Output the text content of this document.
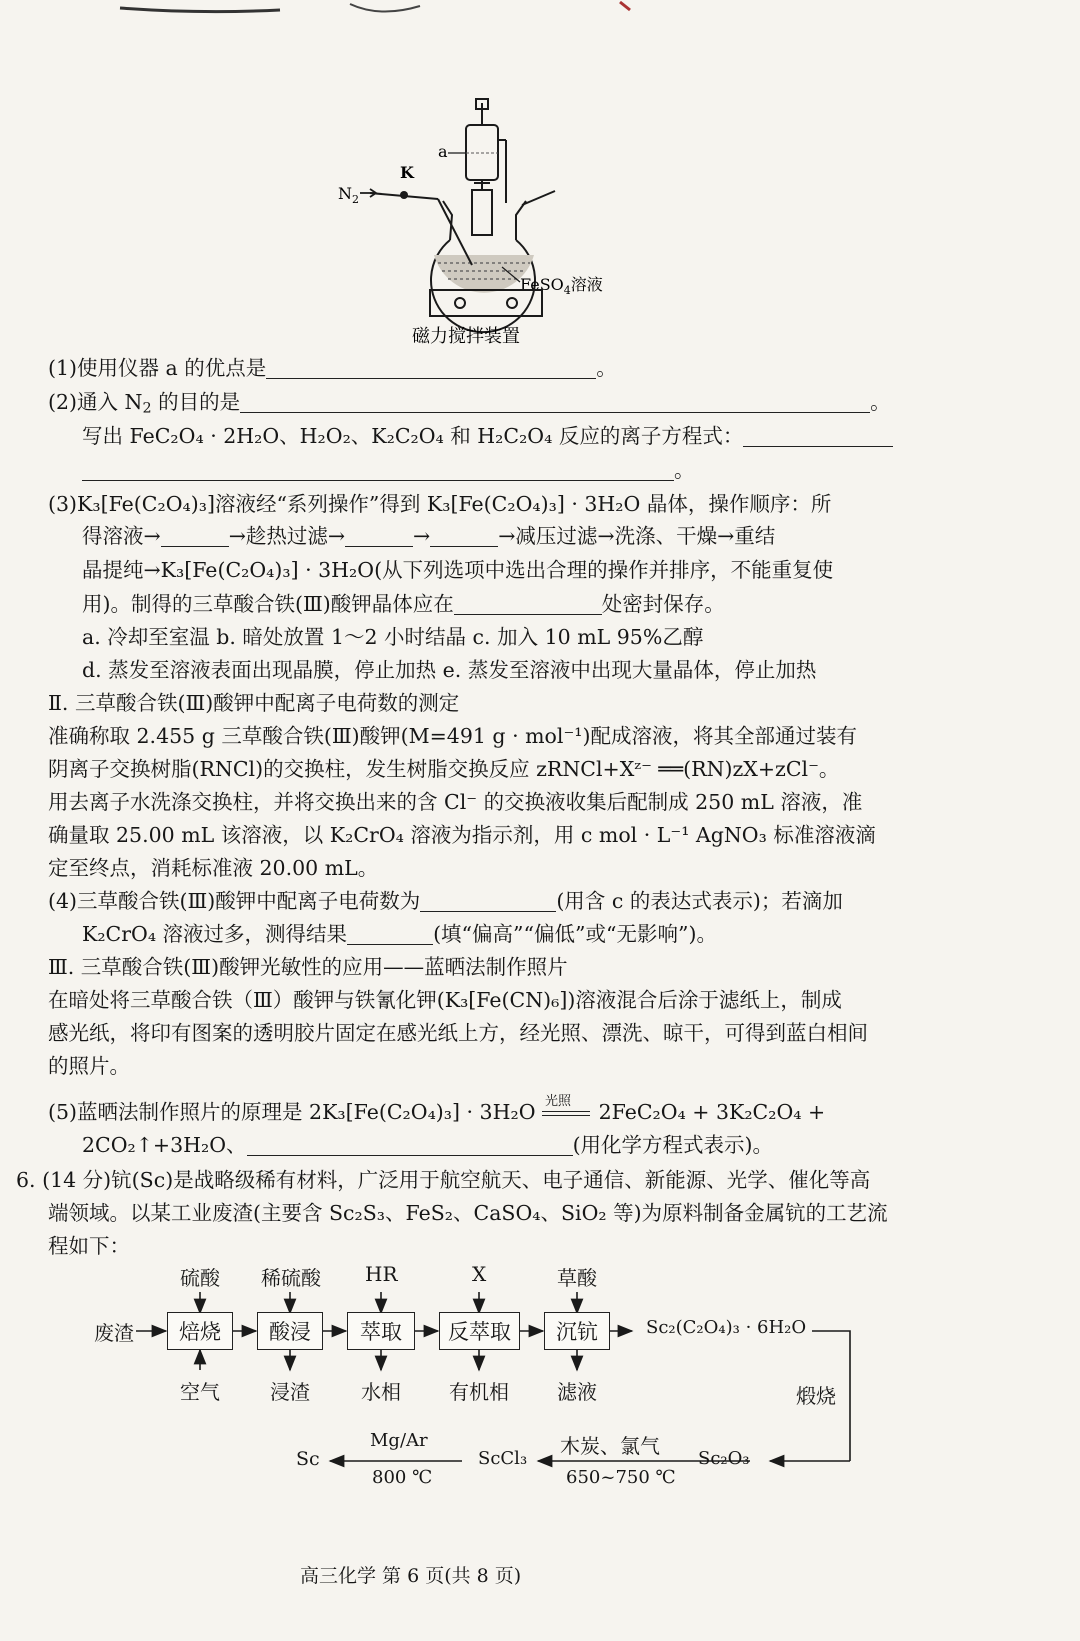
K
$N_2$
a
FeSO$_4$溶液
磁力搅拌装置
(1)使用仪器 a 的优点是	。
(2)通入 $N_2$ 的目的是	。
写出 FeC₂O₄ · 2H₂O、H₂O₂、K₂C₂O₄ 和 H₂C₂O₄ 反应的离子方程式：
。
(3)K₃[Fe(C₂O₄)₃]溶液经“系列操作”得到 K₃[Fe(C₂O₄)₃] · 3H₂O 晶体，操作顺序：所
得溶液→	→趁热过滤→	→	→减压过滤→洗涤、干燥→重结
晶提纯→K₃[Fe(C₂O₄)₃] · 3H₂O(从下列选项中选出合理的操作并排序，不能重复使
用)。制得的三草酸合铁(Ⅲ)酸钾晶体应在	处密封保存。
a. 冷却至室温 b. 暗处放置 1～2 小时结晶 c. 加入 10 mL 95%乙醇
d. 蒸发至溶液表面出现晶膜，停止加热 e. 蒸发至溶液中出现大量晶体，停止加热
Ⅱ. 三草酸合铁(Ⅲ)酸钾中配离子电荷数的测定
准确称取 2.455 g 三草酸合铁(Ⅲ)酸钾(M=491 g · mol⁻¹)配成溶液，将其全部通过装有
阴离子交换树脂(RNCl)的交换柱，发生树脂交换反应 zRNCl+Xᶻ⁻ ══(RN)zX+zCl⁻。
用去离子水洗涤交换柱，并将交换出来的含 Cl⁻ 的交换液收集后配制成 250 mL 溶液，准
确量取 25.00 mL 该溶液，以 K₂CrO₄ 溶液为指示剂，用 c mol · L⁻¹ AgNO₃ 标准溶液滴
定至终点，消耗标准液 20.00 mL。
(4)三草酸合铁(Ⅲ)酸钾中配离子电荷数为	(用含 c 的表达式表示)；若滴加
K₂CrO₄ 溶液过多，测得结果	(填“偏高”“偏低”或“无影响”)。
Ⅲ. 三草酸合铁(Ⅲ)酸钾光敏性的应用——蓝晒法制作照片
在暗处将三草酸合铁（Ⅲ）酸钾与铁氰化钾(K₃[Fe(CN)₆])溶液混合后涂于滤纸上，制成
感光纸，将印有图案的透明胶片固定在感光纸上方，经光照、漂洗、晾干，可得到蓝白相间
的照片。
(5)蓝晒法制作照片的原理是 2K₃[Fe(C₂O₄)₃] · 3H₂O 光照 2FeC₂O₄ + 3K₂C₂O₄ +
2CO₂↑+3H₂O、	(用化学方程式表示)。
6. (14 分)钪(Sc)是战略级稀有材料，广泛用于航空航天、电子通信、新能源、光学、催化等高
端领域。以某工业废渣(主要含 Sc₂S₃、FeS₂、CaSO₄、SiO₂ 等)为原料制备金属钪的工艺流
程如下：
废渣	焙烧	酸浸	萃取	反萃取	沉钪
硫酸 稀硫酸 HR	X	草酸
空气	浸渣	水相 有机相 滤液
Sc₂(C₂O₄)₃ · 6H₂O
煅烧
Sc₂O₃
木炭、氯气
650~750 ℃
ScCl₃
Mg/Ar
800 ℃
Sc
高三化学 第 6 页(共 8 页)
